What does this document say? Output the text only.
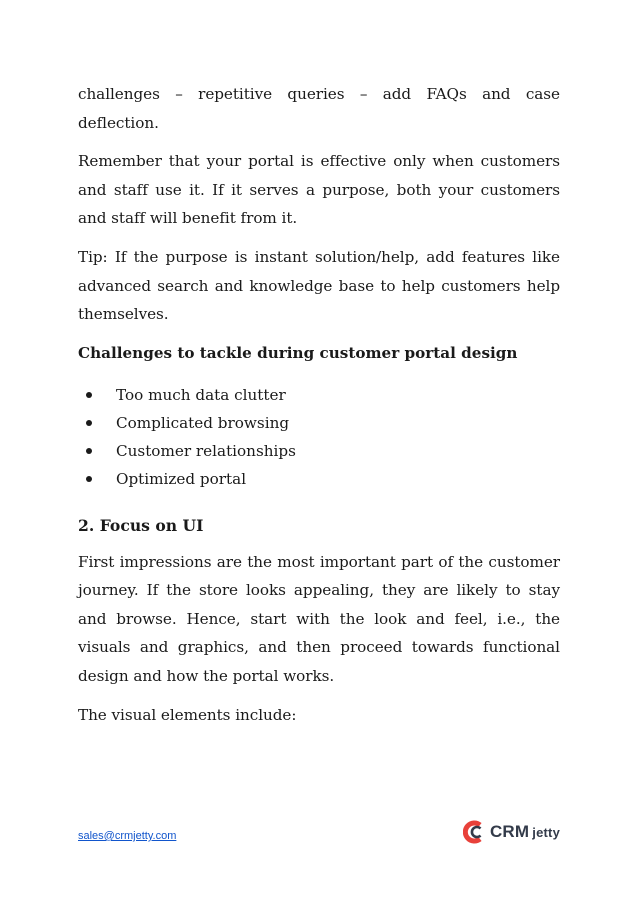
challenges – repetitive queries – add FAQs and case deflection.

Remember that your portal is effective only when customers and staff use it. If it serves a purpose, both your customers and staff will benefit from it.

Tip: If the purpose is instant solution/help, add features like advanced search and knowledge base to help customers help themselves.

Challenges to tackle during customer portal design

Too much data clutter
Complicated browsing
Customer relationships
Optimized portal

2. Focus on UI

First impressions are the most important part of the customer journey. If the store looks appealing, they are likely to stay and browse. Hence, start with the look and feel, i.e., the visuals and graphics, and then proceed towards functional design and how the portal works.

The visual elements include:

sales@crmjetty.com	CRM jetty
